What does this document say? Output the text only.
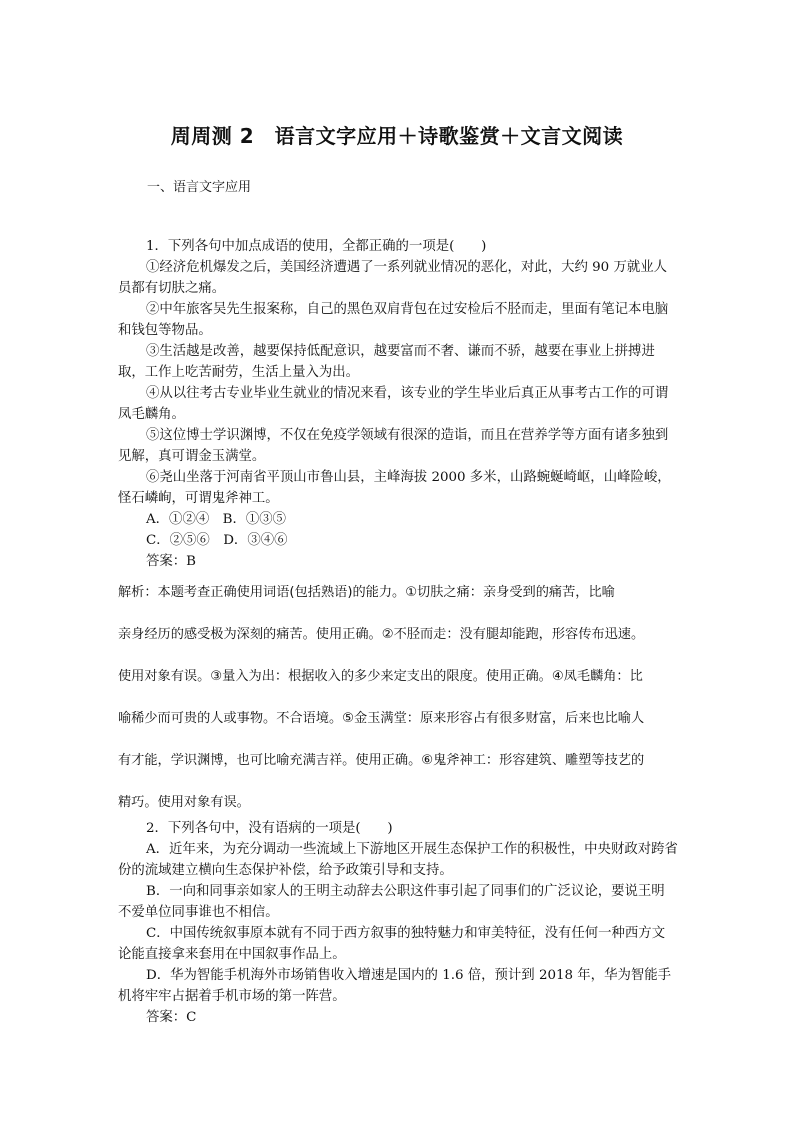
周周测 2　语言文字应用＋诗歌鉴赏＋文言文阅读
一、语言文字应用

1．下列各句中加点成语的使用，全都正确的一项是(　　)

①经济危机爆发之后，美国经济遭遇了一系列就业情况的恶化，对此，大约 90 万就业人员都有切肤之痛。

②中年旅客吴先生报案称，自己的黑色双肩背包在过安检后不胫而走，里面有笔记本电脑和钱包等物品。

③生活越是改善，越要保持低配意识，越要富而不奢、谦而不骄，越要在事业上拼搏进取，工作上吃苦耐劳，生活上量入为出。

④从以往考古专业毕业生就业的情况来看，该专业的学生毕业后真正从事考古工作的可谓凤毛麟角。

⑤这位博士学识渊博，不仅在免疫学领域有很深的造诣，而且在营养学等方面有诸多独到见解，真可谓金玉满堂。

⑥尧山坐落于河南省平顶山市鲁山县，主峰海拔 2000 多米，山路蜿蜒崎岖，山峰险峻，怪石嶙峋，可谓鬼斧神工。

A．①②④　B．①③⑤

C．②⑤⑥　D．③④⑥

答案：B

解析：本题考查正确使用词语(包括熟语)的能力。①切肤之痛：亲身受到的痛苦，比喻

亲身经历的感受极为深刻的痛苦。使用正确。②不胫而走：没有腿却能跑，形容传布迅速。

使用对象有误。③量入为出：根据收入的多少来定支出的限度。使用正确。④凤毛麟角：比

喻稀少而可贵的人或事物。不合语境。⑤金玉满堂：原来形容占有很多财富，后来也比喻人

有才能，学识渊博，也可比喻充满吉祥。使用正确。⑥鬼斧神工：形容建筑、雕塑等技艺的

精巧。使用对象有误。

2．下列各句中，没有语病的一项是(　　)

A．近年来，为充分调动一些流域上下游地区开展生态保护工作的积极性，中央财政对跨省份的流域建立横向生态保护补偿，给予政策引导和支持。

B．一向和同事亲如家人的王明主动辞去公职这件事引起了同事们的广泛议论，要说王明不爱单位同事谁也不相信。

C．中国传统叙事原本就有不同于西方叙事的独特魅力和审美特征，没有任何一种西方文论能直接拿来套用在中国叙事作品上。

D．华为智能手机海外市场销售收入增速是国内的 1.6 倍，预计到 2018 年，华为智能手机将牢牢占据着手机市场的第一阵营。

答案：C
